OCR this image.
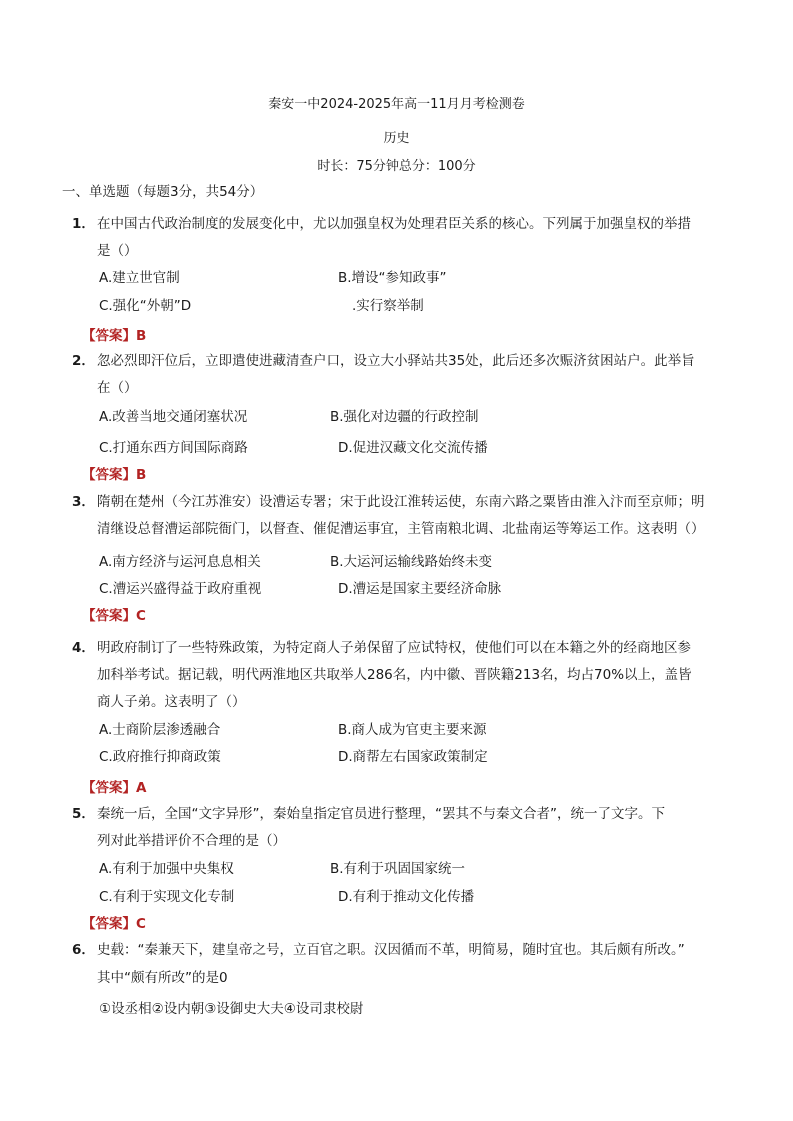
秦安一中2024-2025年高一11月月考检测卷
历史
时长：75分钟总分：100分
一、单选题（每题3分，共54分）
1． 在中国古代政治制度的发展变化中，尤以加强皇权为处理君臣关系的核心。下列属于加强皇权的举措
是（）
A.建立世官制	B.增设“参知政事”
C.强化“外朝”D	.实行察举制
【答案】B
2． 忽必烈即汗位后，立即遣使进藏清查户口，设立大小驿站共35处，此后还多次赈济贫困站户。此举旨
在（）
A.改善当地交通闭塞状况	B.强化对边疆的行政控制
C.打通东西方间国际商路	D.促进汉藏文化交流传播
【答案】B
3． 隋朝在楚州（今江苏淮安）设漕运专署；宋于此设江淮转运使，东南六路之粟皆由淮入汴而至京师；明
清继设总督漕运部院衙门，以督查、催促漕运事宜，主管南粮北调、北盐南运等筹运工作。这表明（）
A.南方经济与运河息息相关	B.大运河运输线路始终未变
C.漕运兴盛得益于政府重视	D.漕运是国家主要经济命脉
【答案】C
4． 明政府制订了一些特殊政策，为特定商人子弟保留了应试特权，使他们可以在本籍之外的经商地区参
加科举考试。据记载，明代两淮地区共取举人286名，内中徽、晋陕籍213名，均占70%以上，盖皆
商人子弟。这表明了（）
A.士商阶层渗透融合	B.商人成为官吏主要来源
C.政府推行抑商政策	D.商帮左右国家政策制定
【答案】A
5． 秦统一后，全国“文字异形”，秦始皇指定官员进行整理，“罢其不与秦文合者”，统一了文字。下
列对此举措评价不合理的是（）
A.有利于加强中央集权	B.有利于巩固国家统一
C.有利于实现文化专制	D.有利于推动文化传播
【答案】C
6． 史载：“秦兼天下，建皇帝之号，立百官之职。汉因循而不革，明简易，随时宜也。其后颇有所改。”
其中“颇有所改”的是0
①设丞相②设内朝③设御史大夫④设司隶校尉
